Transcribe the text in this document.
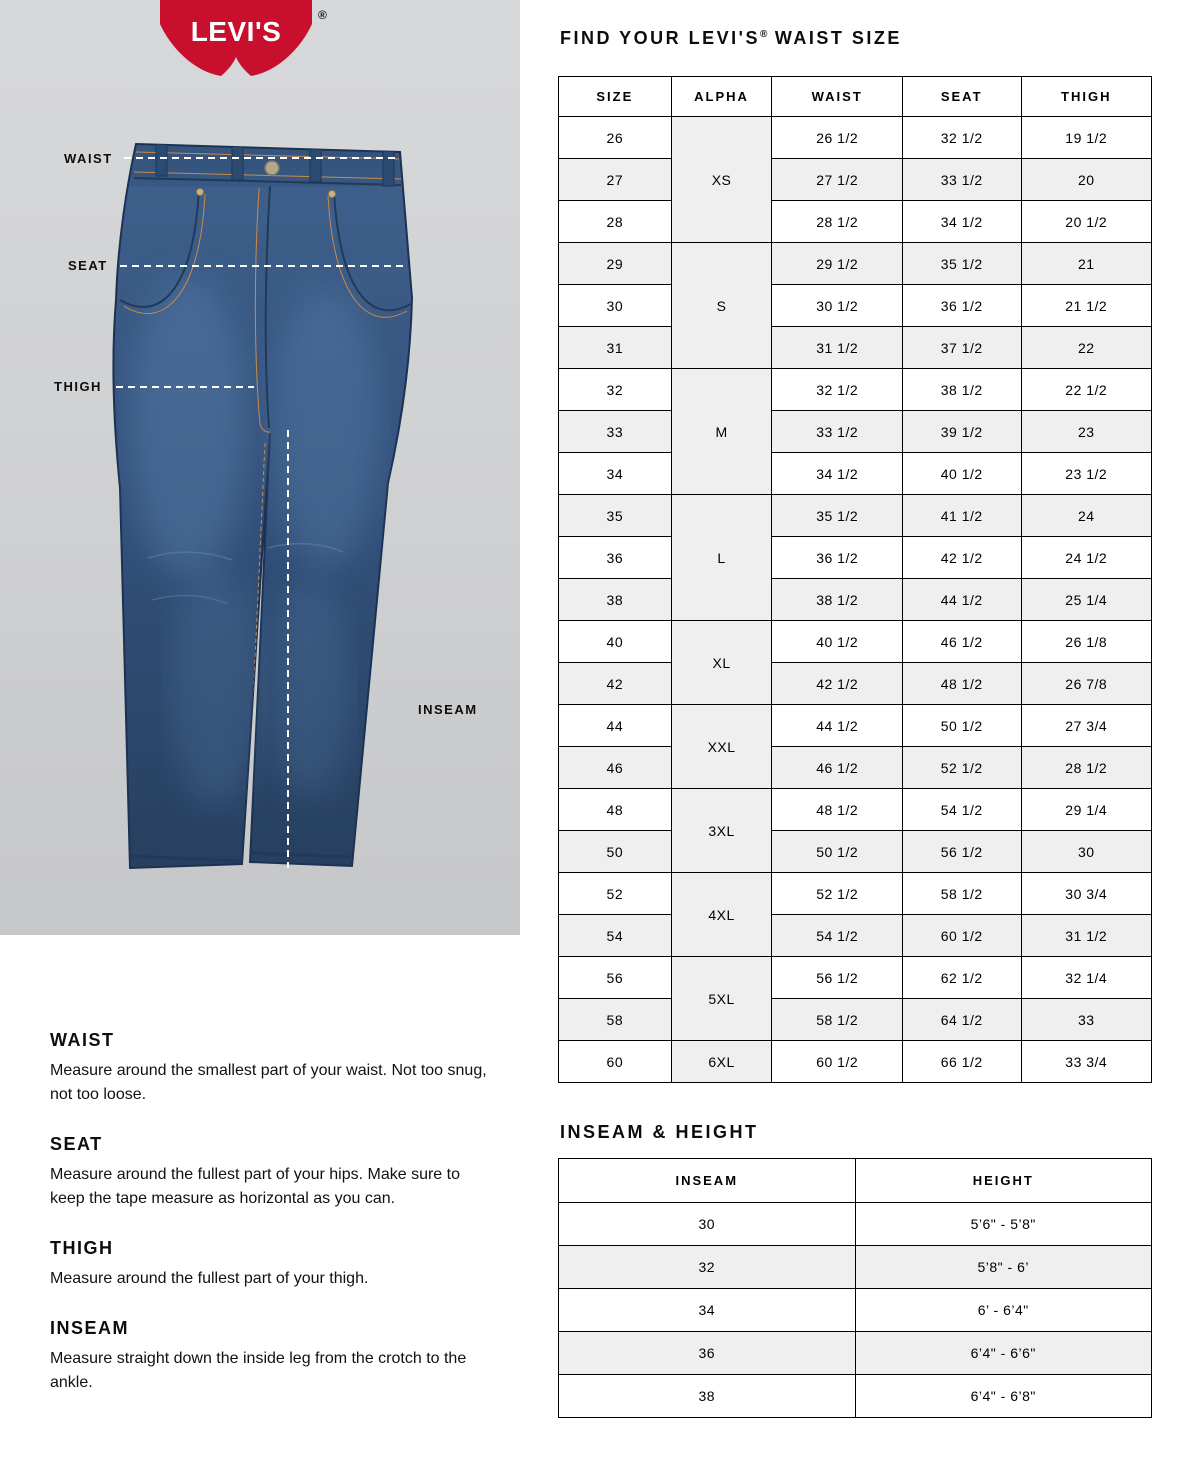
LEVI'S
®
WAIST
SEAT
THIGH
INSEAM
WAIST

Measure around the smallest part of your waist. Not too snug, not too loose.

SEAT

Measure around the fullest part of your hips. Make sure to keep the tape measure as horizontal as you can.

THIGH

Measure around the fullest part of your thigh.

INSEAM

Measure straight down the inside leg from the crotch to the ankle.

FIND YOUR LEVI'S® WAIST SIZE
SIZE	ALPHA	WAIST	SEAT	THIGH
26	XS	26 1/2	32 1/2	19 1/2
27		27 1/2	33 1/2	20
28		28 1/2	34 1/2	20 1/2
29	S	29 1/2	35 1/2	21
30		30 1/2	36 1/2	21 1/2
31		31 1/2	37 1/2	22
32	M	32 1/2	38 1/2	22 1/2
33		33 1/2	39 1/2	23
34		34 1/2	40 1/2	23 1/2
35	L	35 1/2	41 1/2	24
36		36 1/2	42 1/2	24 1/2
38		38 1/2	44 1/2	25 1/4
40	XL	40 1/2	46 1/2	26 1/8
42		42 1/2	48 1/2	26 7/8
44	XXL	44 1/2	50 1/2	27 3/4
46		46 1/2	52 1/2	28 1/2
48	3XL	48 1/2	54 1/2	29 1/4
50		50 1/2	56 1/2	30
52	4XL	52 1/2	58 1/2	30 3/4
54		54 1/2	60 1/2	31 1/2
56	5XL	56 1/2	62 1/2	32 1/4
58		58 1/2	64 1/2	33
60	6XL	60 1/2	66 1/2	33 3/4
INSEAM & HEIGHT
INSEAM	HEIGHT
30	5’6" - 5’8"
32	5’8" - 6’
34	6’ - 6’4"
36	6’4" - 6’6"
38	6’4" - 6’8"
